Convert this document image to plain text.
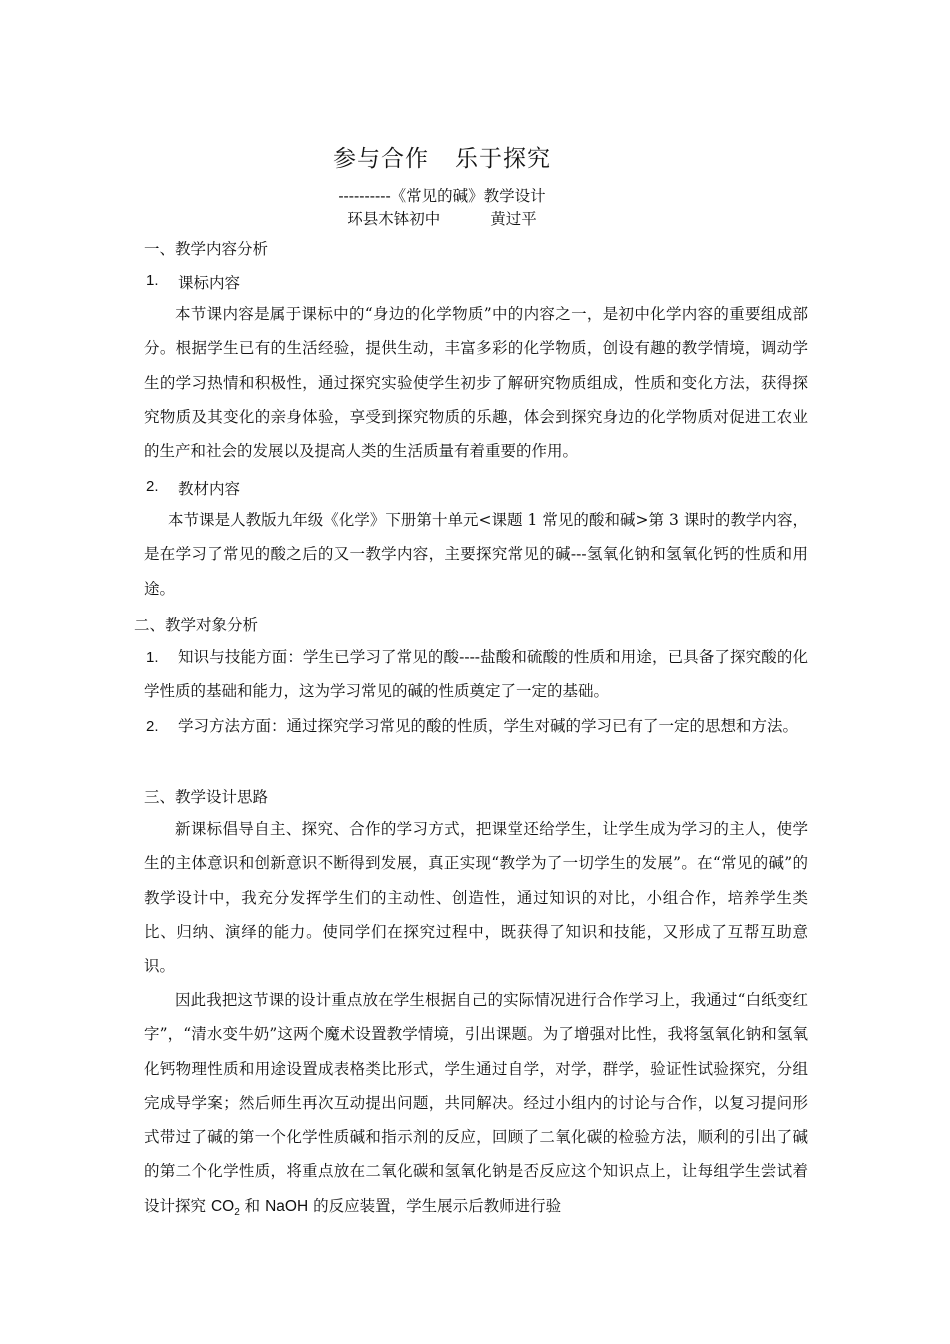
参与合作 乐于探究
----------《常见的碱》教学设计
环县木钵初中	黄过平
一、教学内容分析
1. 课标内容

本节课内容是属于课标中的“身边的化学物质”中的内容之一，是初中化学内容的重要组成部分。根据学生已有的生活经验，提供生动，丰富多彩的化学物质，创设有趣的教学情境，调动学生的学习热情和积极性，通过探究实验使学生初步了解研究物质组成，性质和变化方法，获得探究物质及其变化的亲身体验，享受到探究物质的乐趣，体会到探究身边的化学物质对促进工农业的生产和社会的发展以及提高人类的生活质量有着重要的作用。

2. 教材内容

本节课是人教版九年级《化学》下册第十单元<课题 1 常见的酸和碱>第 3 课时的教学内容，是在学习了常见的酸之后的又一教学内容，主要探究常见的碱---氢氧化钠和氢氧化钙的性质和用途。

二、教学对象分析
1.	知识与技能方面：学生已学习了常见的酸----盐酸和硫酸的性质和用途，已具备了探究酸的化学性质的基础和能力，这为学习常见的碱的性质奠定了一定的基础。

2.	学习方法方面：通过探究学习常见的酸的性质，学生对碱的学习已有了一定的思想和方法。

三、教学设计思路

新课标倡导自主、探究、合作的学习方式，把课堂还给学生，让学生成为学习的主人，使学生的主体意识和创新意识不断得到发展，真正实现“教学为了一切学生的发展”。在“常见的碱”的教学设计中，我充分发挥学生们的主动性、创造性，通过知识的对比，小组合作，培养学生类比、归纳、演绎的能力。使同学们在探究过程中，既获得了知识和技能，又形成了互帮互助意识。

因此我把这节课的设计重点放在学生根据自己的实际情况进行合作学习上，我通过“白纸变红字”，“清水变牛奶”这两个魔术设置教学情境，引出课题。为了增强对比性，我将氢氧化钠和氢氧化钙物理性质和用途设置成表格类比形式，学生通过自学，对学，群学，验证性试验探究，分组完成导学案；然后师生再次互动提出问题，共同解决。经过小组内的讨论与合作，以复习提问形式带过了碱的第一个化学性质碱和指示剂的反应，回顾了二氧化碳的检验方法，顺利的引出了碱的第二个化学性质，将重点放在二氧化碳和氢氧化钠是否反应这个知识点上，让每组学生尝试着设计探究 $CO_2$ 和 NaOH 的反应装置，学生展示后教师进行验
